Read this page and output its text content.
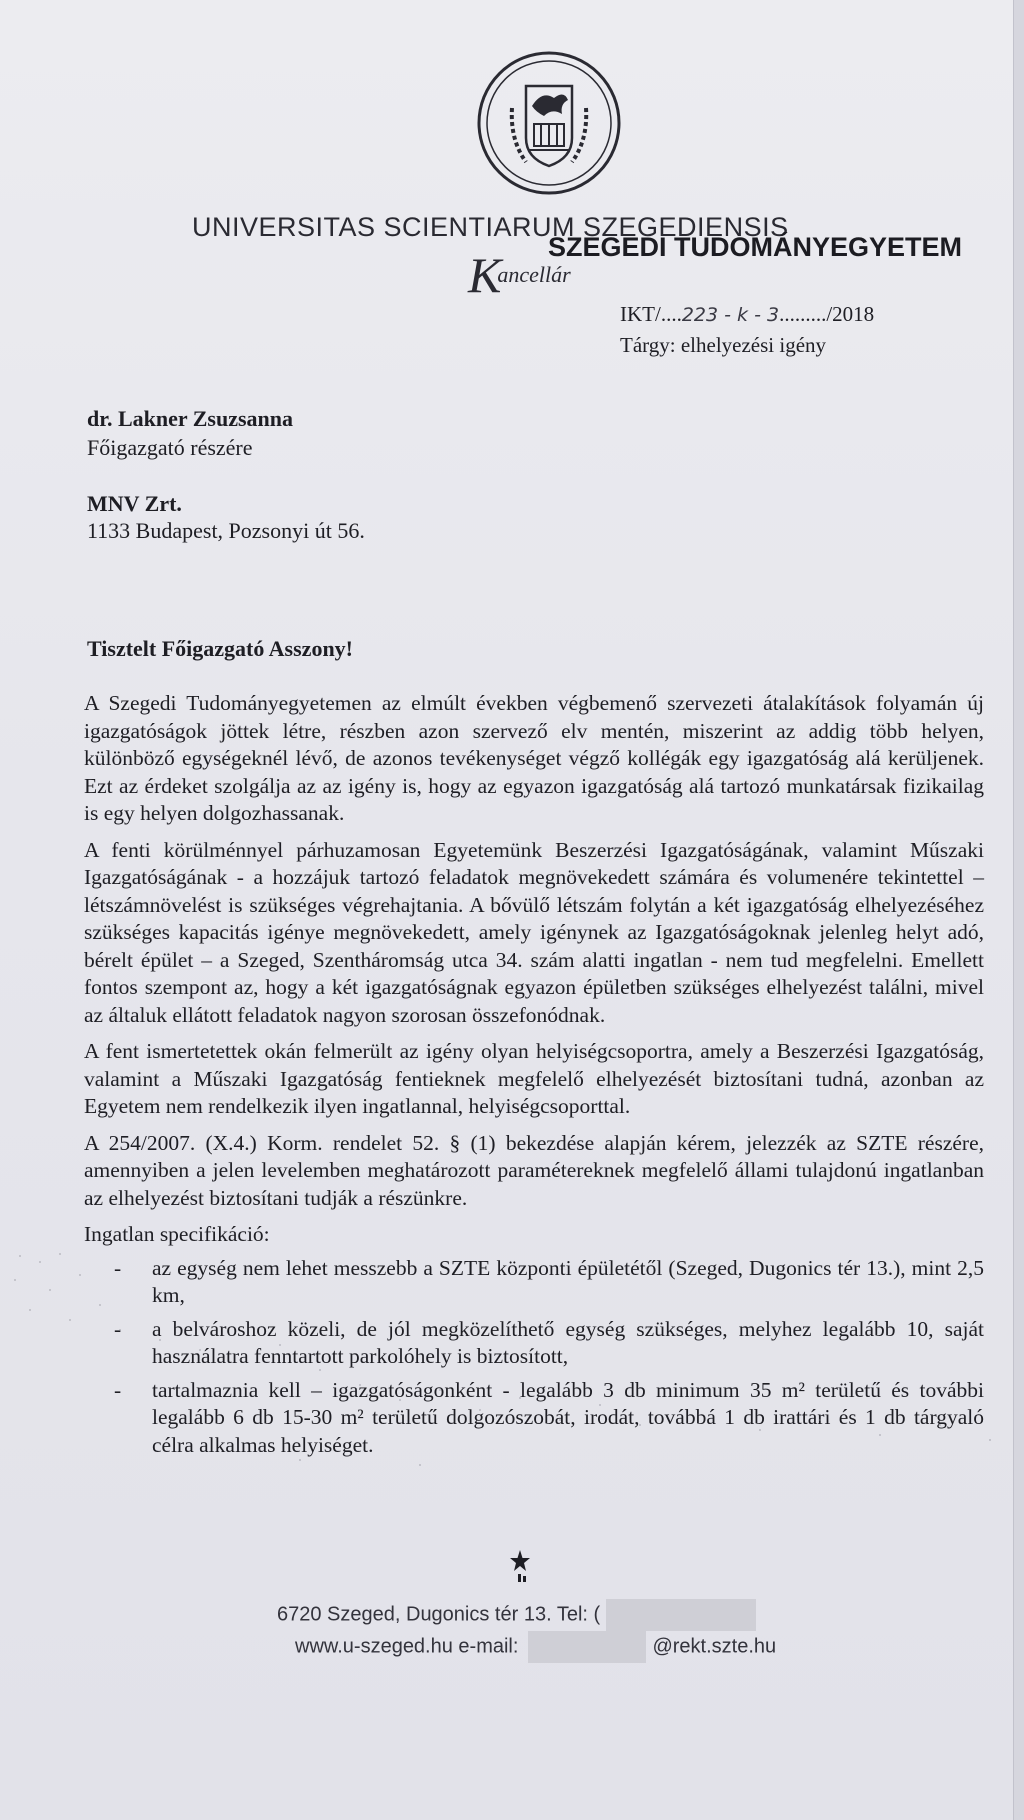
UNIVERSITAS SCIENTIARUM SZEGEDIENSIS
Kancellár
SZEGEDI TUDOMÁNYEGYETEM
IKT/....223 - k - 3........./2018
Tárgy: elhelyezési igény
dr. Lakner Zsuzsanna
Főigazgató részére
MNV Zrt.
1133 Budapest, Pozsonyi út 56.
Tisztelt Főigazgató Asszony!

A Szegedi Tudományegyetemen az elmúlt években végbemenő szervezeti átalakítások folyamán új igazgatóságok jöttek létre, részben azon szervező elv mentén, miszerint az addig több helyen, különböző egységeknél lévő, de azonos tevékenységet végző kollégák egy igazgatóság alá kerüljenek. Ezt az érdeket szolgálja az az igény is, hogy az egyazon igazgatóság alá tartozó munkatársak fizikailag is egy helyen dolgozhassanak.

A fenti körülménnyel párhuzamosan Egyetemünk Beszerzési Igazgatóságának, valamint Műszaki Igazgatóságának - a hozzájuk tartozó feladatok megnövekedett számára és volumenére tekintettel – létszámnövelést is szükséges végrehajtania. A bővülő létszám folytán a két igazgatóság elhelyezéséhez szükséges kapacitás igénye megnövekedett, amely igénynek az Igazgatóságoknak jelenleg helyt adó, bérelt épület – a Szeged, Szentháromság utca 34. szám alatti ingatlan - nem tud megfelelni. Emellett fontos szempont az, hogy a két igazgatóságnak egyazon épületben szükséges elhelyezést találni, mivel az általuk ellátott feladatok nagyon szorosan összefonódnak.

A fent ismertetettek okán felmerült az igény olyan helyiségcsoportra, amely a Beszerzési Igazgatóság, valamint a Műszaki Igazgatóság fentieknek megfelelő elhelyezését biztosítani tudná, azonban az Egyetem nem rendelkezik ilyen ingatlannal, helyiségcsoporttal.

A 254/2007. (X.4.) Korm. rendelet 52. § (1) bekezdése alapján kérem, jelezzék az SZTE részére, amennyiben a jelen levelemben meghatározott paramétereknek megfelelő állami tulajdonú ingatlanban az elhelyezést biztosítani tudják a részünkre.

Ingatlan specifikáció:

- az egység nem lehet messzebb a SZTE központi épületétől (Szeged, Dugonics tér 13.), mint 2,5 km,
- a belvároshoz közeli, de jól megközelíthető egység szükséges, melyhez legalább 10, saját használatra fenntartott parkolóhely is biztosított,
- tartalmaznia kell – igazgatóságonként - legalább 3 db minimum 35 m² területű és további legalább 6 db 15-30 m² területű dolgozószobát, irodát, továbbá 1 db irattári és 1 db tárgyaló célra alkalmas helyiséget.
6720 Szeged, Dugonics tér 13. Tel: (
www.u-szeged.hu e-mail:	@rekt.szte.hu
